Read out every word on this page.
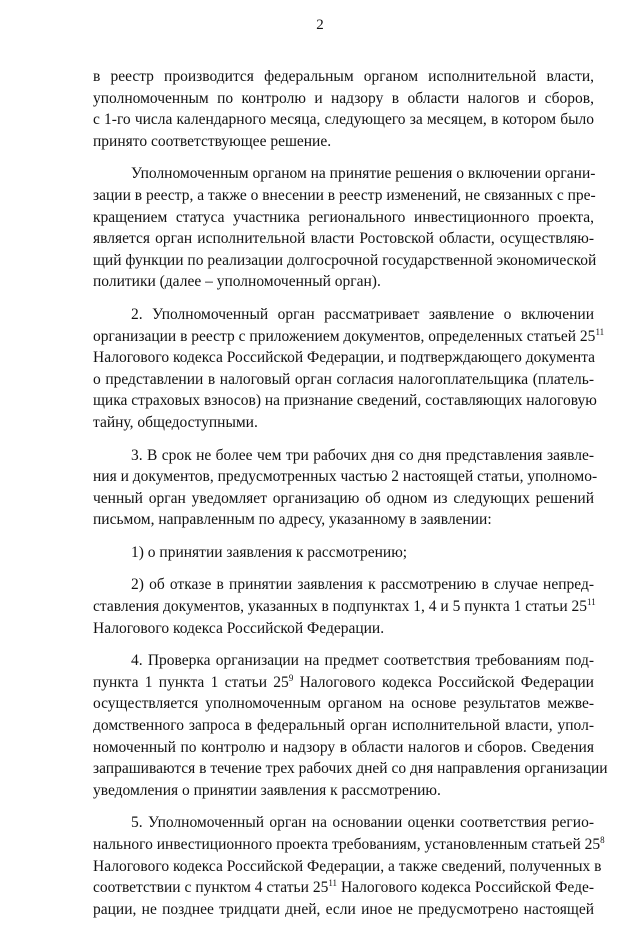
2
в реестр производится федеральным органом исполнительной власти,
уполномоченным по контролю и надзору в области налогов и сборов,
с 1-го числа календарного месяца, следующего за месяцем, в котором было
принято соответствующее решение.
Уполномоченным органом на принятие решения о включении органи-
зации в реестр, а также о внесении в реестр изменений, не связанных с пре-
кращением статуса участника регионального инвестиционного проекта,
является орган исполнительной власти Ростовской области, осуществляю-
щий функции по реализации долгосрочной государственной экономической
политики (далее – уполномоченный орган).
2. Уполномоченный орган рассматривает заявление о включении
организации в реестр с приложением документов, определенных статьей $25^{11}$
Налогового кодекса Российской Федерации, и подтверждающего документа
о представлении в налоговый орган согласия налогоплательщика (платель-
щика страховых взносов) на признание сведений, составляющих налоговую
тайну, общедоступными.
3. В срок не более чем три рабочих дня со дня представления заявле-
ния и документов, предусмотренных частью 2 настоящей статьи, уполномо-
ченный орган уведомляет организацию об одном из следующих решений
письмом, направленным по адресу, указанному в заявлении:
1) о принятии заявления к рассмотрению;
2) об отказе в принятии заявления к рассмотрению в случае непред-
ставления документов, указанных в подпунктах 1, 4 и 5 пункта 1 статьи $25^{11}$
Налогового кодекса Российской Федерации.
4. Проверка организации на предмет соответствия требованиям под-
пункта 1 пункта 1 статьи $25^9$ Налогового кодекса Российской Федерации
осуществляется уполномоченным органом на основе результатов межве-
домственного запроса в федеральный орган исполнительной власти, упол-
номоченный по контролю и надзору в области налогов и сборов. Сведения
запрашиваются в течение трех рабочих дней со дня направления организации
уведомления о принятии заявления к рассмотрению.
5. Уполномоченный орган на основании оценки соответствия регио-
нального инвестиционного проекта требованиям, установленным статьей $25^8$
Налогового кодекса Российской Федерации, а также сведений, полученных в
соответствии с пунктом 4 статьи $25^{11}$ Налогового кодекса Российской Феде-
рации, не позднее тридцати дней, если иное не предусмотрено настоящей
